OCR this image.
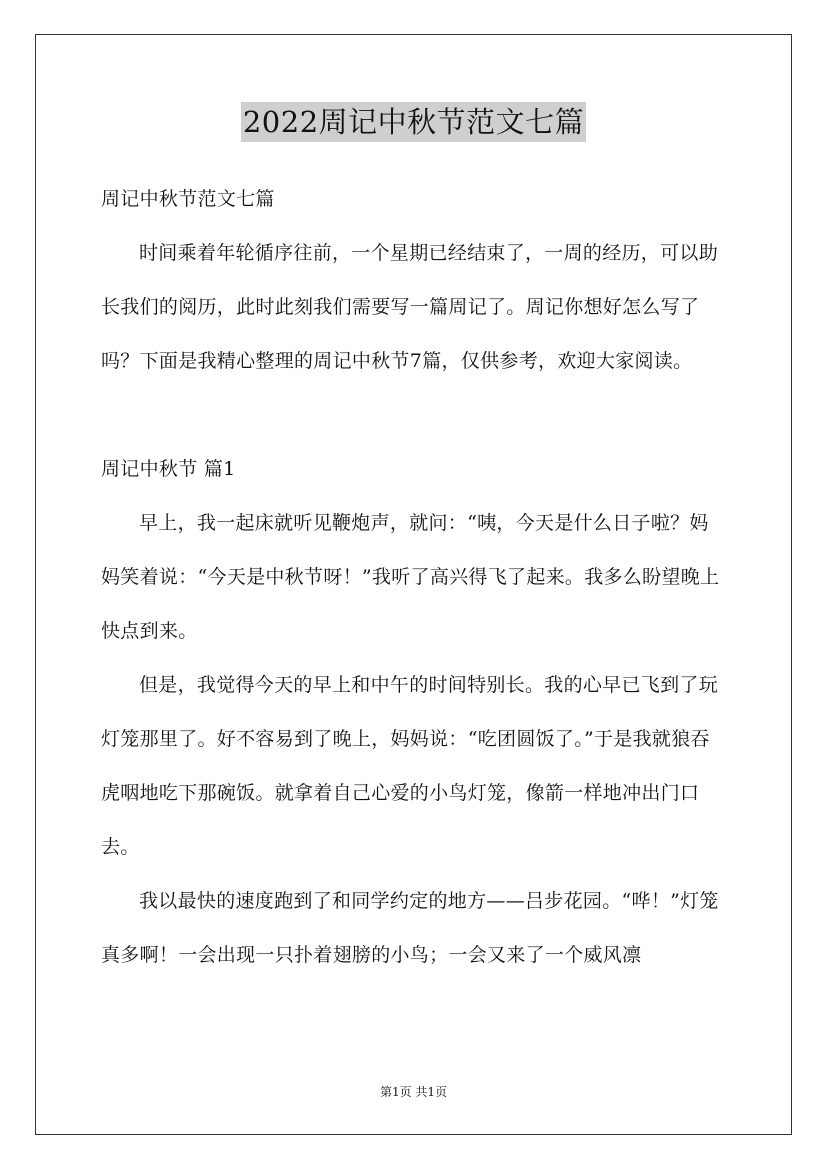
2022周记中秋节范文七篇

周记中秋节范文七篇

时间乘着年轮循序往前，一个星期已经结束了，一周的经历，可以助长我们的阅历，此时此刻我们需要写一篇周记了。周记你想好怎么写了吗？下面是我精心整理的周记中秋节7篇，仅供参考，欢迎大家阅读。

周记中秋节 篇1

早上，我一起床就听见鞭炮声，就问：“咦，今天是什么日子啦？妈妈笑着说：“今天是中秋节呀！”我听了高兴得飞了起来。我多么盼望晚上快点到来。

但是，我觉得今天的早上和中午的时间特别长。我的心早已飞到了玩灯笼那里了。好不容易到了晚上，妈妈说：“吃团圆饭了。”于是我就狼吞虎咽地吃下那碗饭。就拿着自己心爱的小鸟灯笼，像箭一样地冲出门口去。

我以最快的速度跑到了和同学约定的地方——吕步花园。“哗！”灯笼真多啊！一会出现一只扑着翅膀的小鸟；一会又来了一个威风凛

第1页 共1页
